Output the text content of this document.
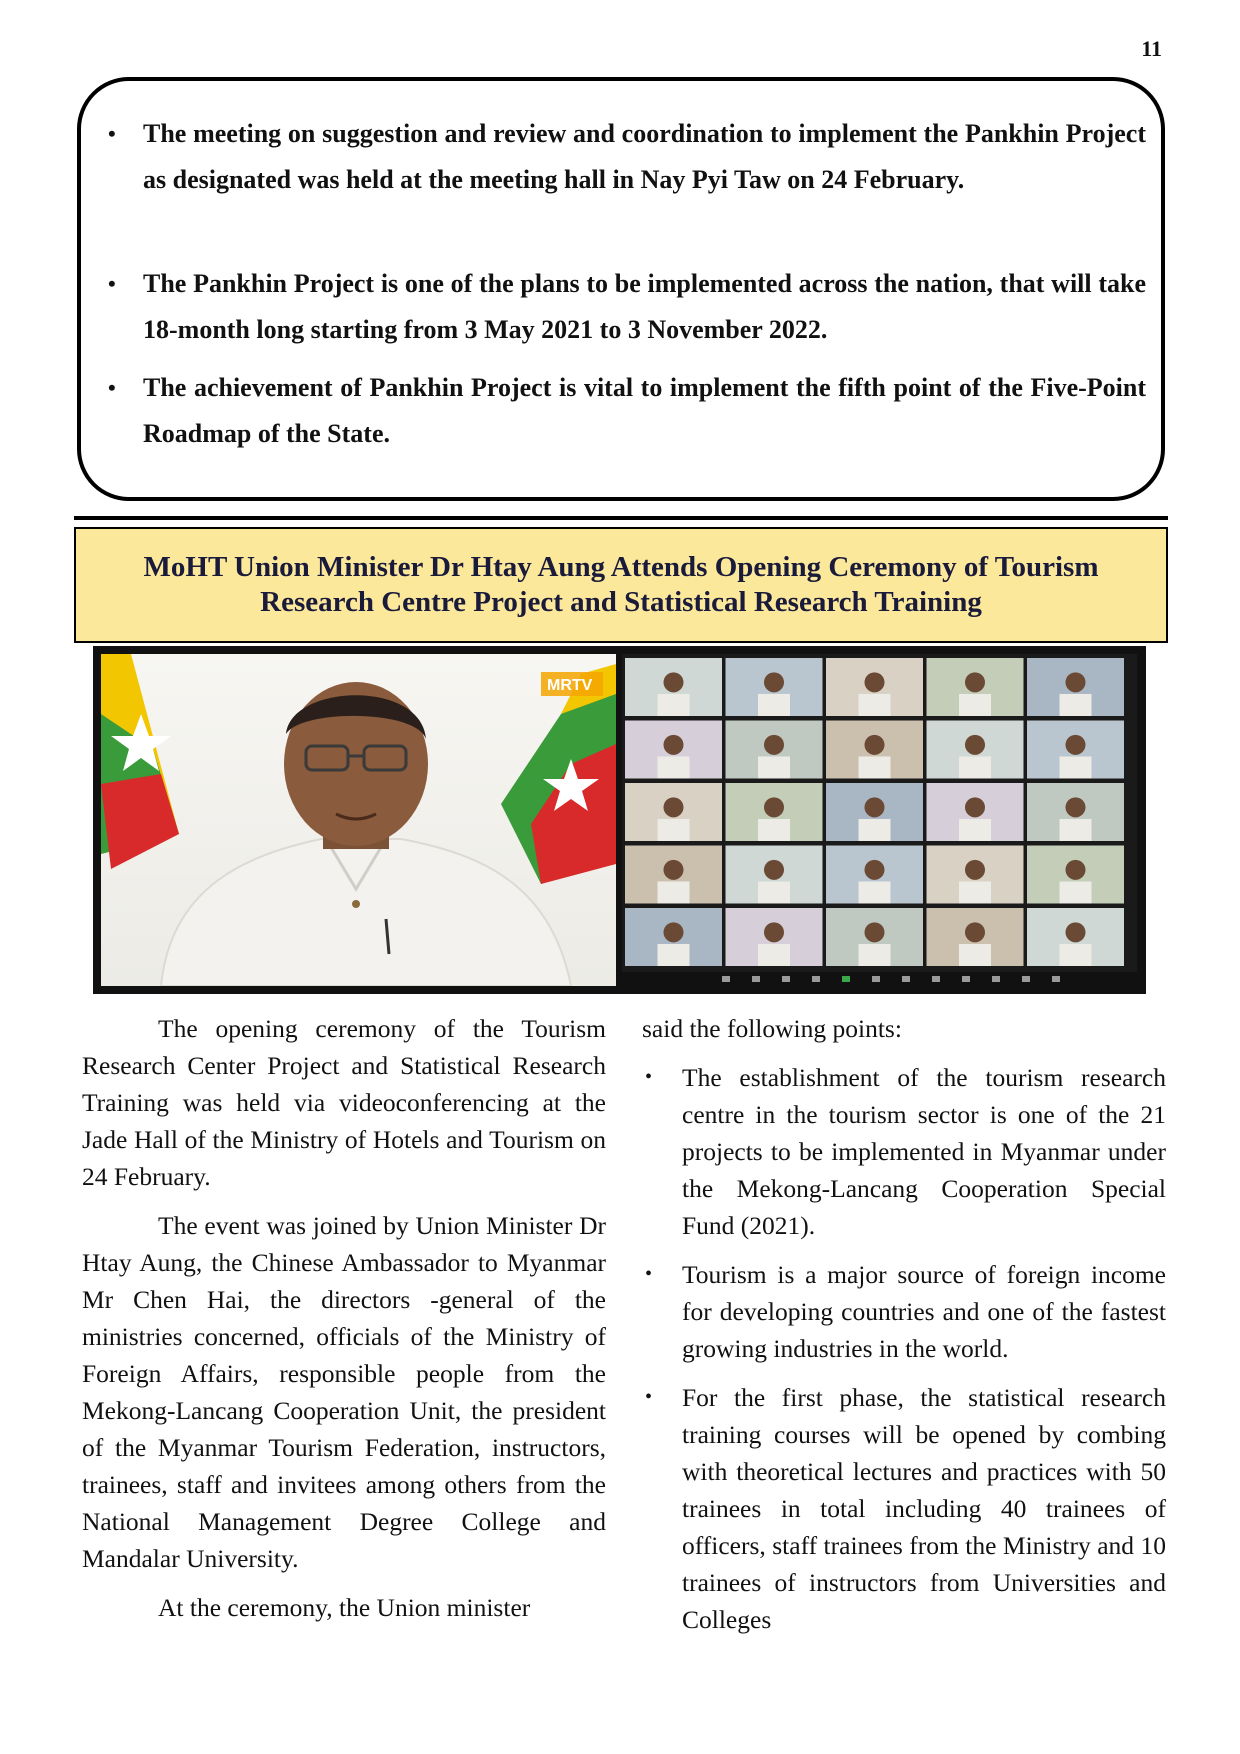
11
• The meeting on suggestion and review and coordination to implement the Pankhin Project as designated was held at the meeting hall in Nay Pyi Taw on 24 February.
• The Pankhin Project is one of the plans to be implemented across the nation, that will take 18-month long starting from 3 May 2021 to 3 November 2022.
• The achievement of Pankhin Project is vital to implement the fifth point of the Five-Point Roadmap of the State.
MoHT Union Minister Dr Htay Aung Attends Opening Ceremony of Tourism
Research Centre Project and Statistical Research Training
MRTV

The opening ceremony of the Tourism Research Center Project and Statistical Research Training was held via videoconferencing at the Jade Hall of the Ministry of Hotels and Tourism on 24 February.

The event was joined by Union Minister Dr Htay Aung, the Chinese Ambassador to Myanmar Mr Chen Hai, the directors -general of the ministries concerned, officials of the Ministry of Foreign Affairs, responsible people from the Mekong-Lancang Cooperation Unit, the president of the Myanmar Tourism Federation, instructors, trainees, staff and invitees among others from the National Management Degree College and Mandalar University.

At the ceremony, the Union minister

said the following points:

• The establishment of the tourism research centre in the tourism sector is one of the 21 projects to be implemented in Myanmar under the Mekong-Lancang Cooperation Special Fund (2021).
• Tourism is a major source of foreign income for developing countries and one of the fastest growing industries in the world.
• For the first phase, the statistical research training courses will be opened by combing with theoretical lectures and practices with 50 trainees in total including 40 trainees of officers, staff trainees from the Ministry and 10 trainees of instructors from Universities and Colleges
